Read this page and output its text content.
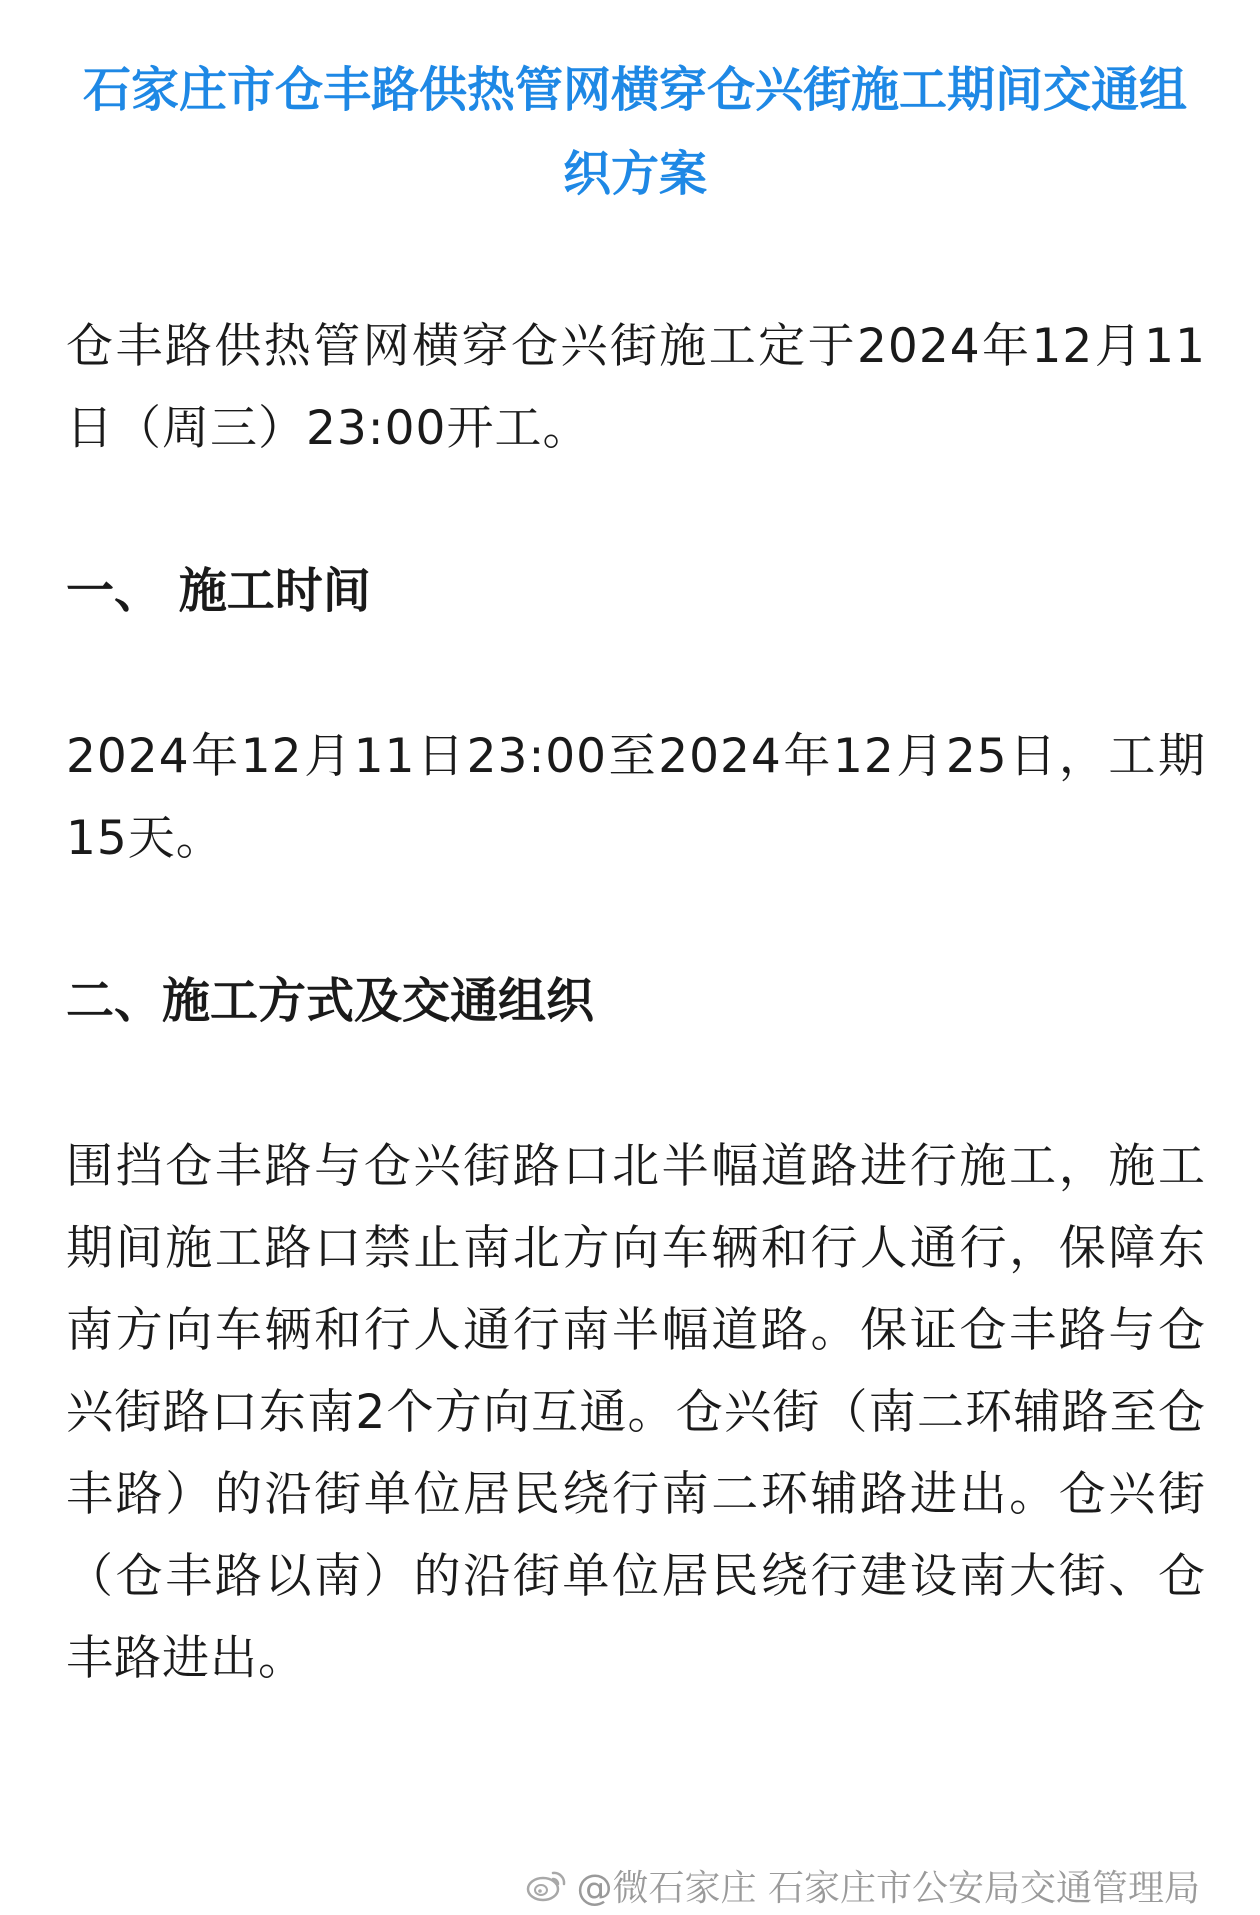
石家庄市仓丰路供热管网横穿仓兴街施工期间交通组织方案

仓丰路供热管网横穿仓兴街施工定于2024年12月11日（周三）23:00开工。

一、 施工时间

2024年12月11日23:00至2024年12月25日，工期15天。

二、施工方式及交通组织

围挡仓丰路与仓兴街路口北半幅道路进行施工，施工期间施工路口禁止南北方向车辆和行人通行，保障东南方向车辆和行人通行南半幅道路。保证仓丰路与仓兴街路口东南2个方向互通。仓兴街（南二环辅路至仓丰路）的沿街单位居民绕行南二环辅路进出。仓兴街（仓丰路以南）的沿街单位居民绕行建设南大街、仓丰路进出。

@微石家庄 石家庄市公安局交通管理局
